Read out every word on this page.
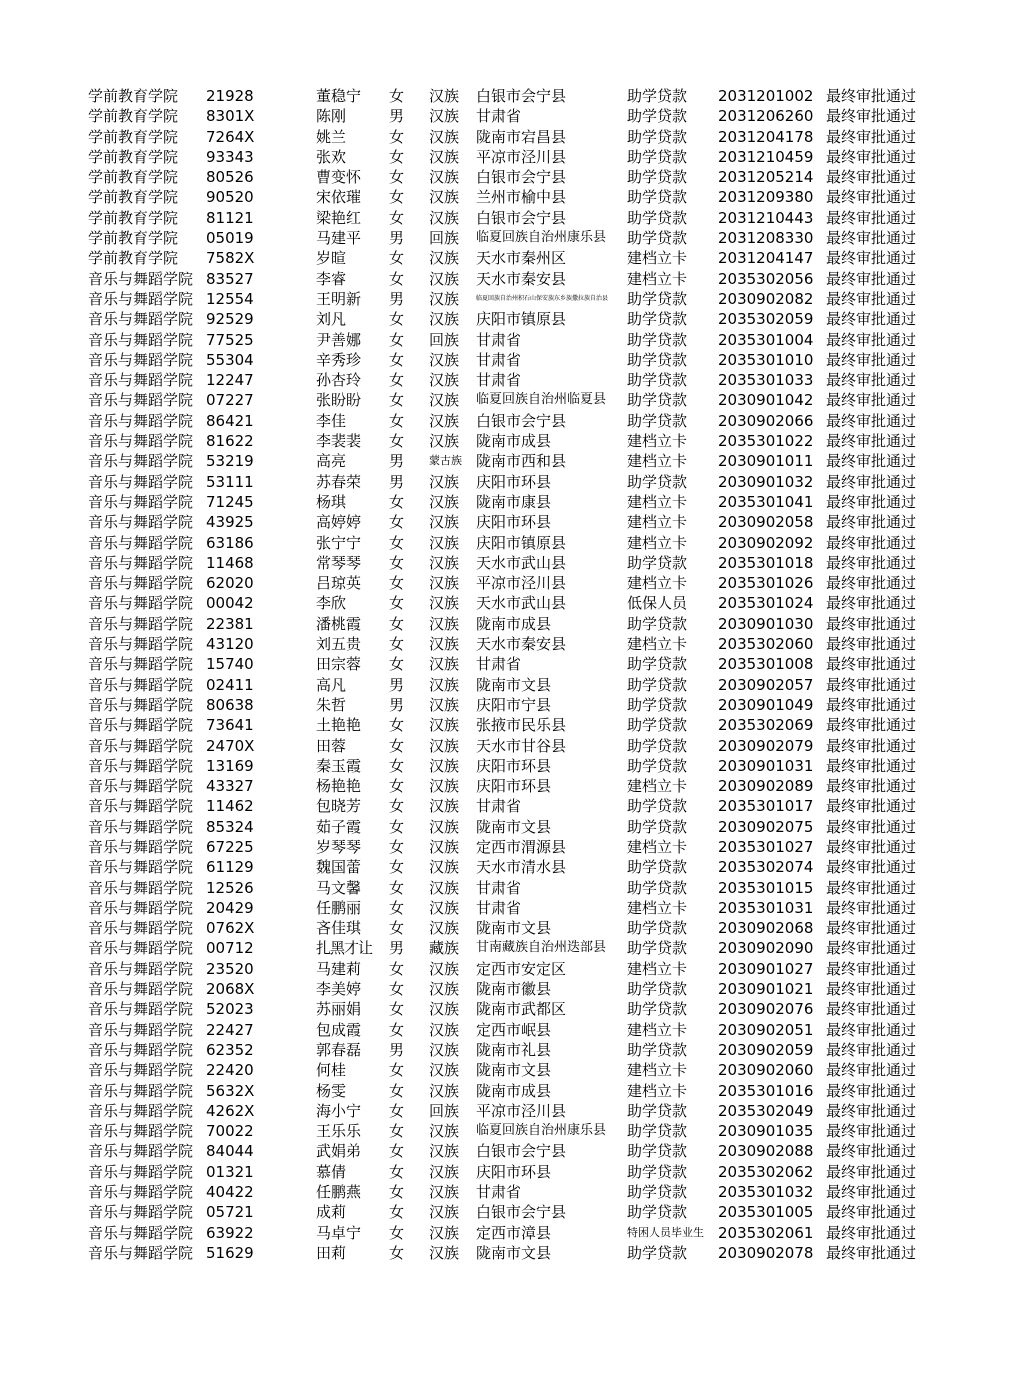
学前教育学院 21928	董稳宁 女 汉族 白银市会宁县	助学贷款 2031201002 最终审批通过
学前教育学院 8301X	陈刚	男 汉族 甘肃省	助学贷款 2031206260 最终审批通过
学前教育学院 7264X	姚兰	女 汉族 陇南市宕昌县	助学贷款 2031204178 最终审批通过
学前教育学院 93343	张欢	女 汉族 平凉市泾川县	助学贷款 2031210459 最终审批通过
学前教育学院 80526	曹变怀 女 汉族 白银市会宁县	助学贷款 2031205214 最终审批通过
学前教育学院 90520	宋依璀 女 汉族 兰州市榆中县	助学贷款 2031209380 最终审批通过
学前教育学院 81121	梁艳红 女 汉族 白银市会宁县	助学贷款 2031210443 最终审批通过
学前教育学院 05019	马建平 男 回族 临夏回族自治州康乐县 助学贷款 2031208330 最终审批通过
学前教育学院 7582X	岁暄	女 汉族 天水市秦州区	建档立卡 2031204147 最终审批通过
音乐与舞蹈学院 83527	李睿	女 汉族 天水市秦安县	建档立卡 2035302056 最终审批通过
音乐与舞蹈学院 12554	王明新 男 汉族	临夏回族自治州积石山保安族东乡族撒拉族自治县 助学贷款 2030902082 最终审批通过
音乐与舞蹈学院 92529	刘凡	女 汉族 庆阳市镇原县	助学贷款 2035302059 最终审批通过
音乐与舞蹈学院 77525	尹善娜 女 回族 甘肃省	助学贷款 2035301004 最终审批通过
音乐与舞蹈学院 55304	辛秀珍 女 汉族 甘肃省	助学贷款 2035301010 最终审批通过
音乐与舞蹈学院 12247	孙杏玲 女 汉族 甘肃省	助学贷款 2035301033 最终审批通过
音乐与舞蹈学院 07227	张盼盼 女 汉族 临夏回族自治州临夏县 助学贷款 2030901042 最终审批通过
音乐与舞蹈学院 86421	李佳	女 汉族 白银市会宁县	助学贷款 2030902066 最终审批通过
音乐与舞蹈学院 81622	李裴裴 女 汉族 陇南市成县	建档立卡 2035301022 最终审批通过
音乐与舞蹈学院 53219	高亮	男 蒙古族 陇南市西和县	建档立卡 2030901011 最终审批通过
音乐与舞蹈学院 53111	苏春荣 男 汉族 庆阳市环县	助学贷款 2030901032 最终审批通过
音乐与舞蹈学院 71245	杨琪	女 汉族 陇南市康县	建档立卡 2035301041 最终审批通过
音乐与舞蹈学院 43925	高婷婷 女 汉族 庆阳市环县	建档立卡 2030902058 最终审批通过
音乐与舞蹈学院 63186	张宁宁 女 汉族 庆阳市镇原县	建档立卡 2030902092 最终审批通过
音乐与舞蹈学院 11468	常琴琴 女 汉族 天水市武山县	助学贷款 2035301018 最终审批通过
音乐与舞蹈学院 62020	吕琼英 女 汉族 平凉市泾川县	建档立卡 2035301026 最终审批通过
音乐与舞蹈学院 00042	李欣	女 汉族 天水市武山县	低保人员 2035301024 最终审批通过
音乐与舞蹈学院 22381	潘桃霞 女 汉族 陇南市成县	助学贷款 2030901030 最终审批通过
音乐与舞蹈学院 43120	刘五贵 女 汉族 天水市秦安县	建档立卡 2035302060 最终审批通过
音乐与舞蹈学院 15740	田宗蓉 女 汉族 甘肃省	助学贷款 2035301008 最终审批通过
音乐与舞蹈学院 02411	高凡	男 汉族 陇南市文县	助学贷款 2030902057 最终审批通过
音乐与舞蹈学院 80638	朱哲	男 汉族 庆阳市宁县	助学贷款 2030901049 最终审批通过
音乐与舞蹈学院 73641	土艳艳 女 汉族 张掖市民乐县	助学贷款 2035302069 最终审批通过
音乐与舞蹈学院 2470X	田蓉	女 汉族 天水市甘谷县	助学贷款 2030902079 最终审批通过
音乐与舞蹈学院 13169	秦玉霞 女 汉族 庆阳市环县	助学贷款 2030901031 最终审批通过
音乐与舞蹈学院 43327	杨艳艳 女 汉族 庆阳市环县	建档立卡 2030902089 最终审批通过
音乐与舞蹈学院 11462	包晓芳 女 汉族 甘肃省	助学贷款 2035301017 最终审批通过
音乐与舞蹈学院 85324	茹子霞 女 汉族 陇南市文县	助学贷款 2030902075 最终审批通过
音乐与舞蹈学院 67225	岁琴琴 女 汉族 定西市渭源县	建档立卡 2035301027 最终审批通过
音乐与舞蹈学院 61129	魏国蕾 女 汉族 天水市清水县	助学贷款 2035302074 最终审批通过
音乐与舞蹈学院 12526	马文馨 女 汉族 甘肃省	助学贷款 2035301015 最终审批通过
音乐与舞蹈学院 20429	任鹏丽 女 汉族 甘肃省	建档立卡 2035301031 最终审批通过
音乐与舞蹈学院 0762X	吝佳琪 女 汉族 陇南市文县	助学贷款 2030902068 最终审批通过
音乐与舞蹈学院 00712	扎黑才让 男 藏族 甘南藏族自治州迭部县 助学贷款 2030902090 最终审批通过
音乐与舞蹈学院 23520	马建莉 女 汉族 定西市安定区	建档立卡 2030901027 最终审批通过
音乐与舞蹈学院 2068X	李美婷 女 汉族 陇南市徽县	助学贷款 2030901021 最终审批通过
音乐与舞蹈学院 52023	苏丽娟 女 汉族 陇南市武都区	助学贷款 2030902076 最终审批通过
音乐与舞蹈学院 22427	包成霞 女 汉族 定西市岷县	建档立卡 2030902051 最终审批通过
音乐与舞蹈学院 62352	郭春磊 男 汉族 陇南市礼县	助学贷款 2030902059 最终审批通过
音乐与舞蹈学院 22420	何桂	女 汉族 陇南市文县	建档立卡 2030902060 最终审批通过
音乐与舞蹈学院 5632X	杨雯	女 汉族 陇南市成县	建档立卡 2035301016 最终审批通过
音乐与舞蹈学院 4262X	海小宁 女 回族 平凉市泾川县	助学贷款 2035302049 最终审批通过
音乐与舞蹈学院 70022	王乐乐 女 汉族 临夏回族自治州康乐县 助学贷款 2030901035 最终审批通过
音乐与舞蹈学院 84044	武娟弟 女 汉族 白银市会宁县	助学贷款 2030902088 最终审批通过
音乐与舞蹈学院 01321	慕倩	女 汉族 庆阳市环县	助学贷款 2035302062 最终审批通过
音乐与舞蹈学院 40422	任鹏燕 女 汉族 甘肃省	助学贷款 2035301032 最终审批通过
音乐与舞蹈学院 05721	成莉	女 汉族 白银市会宁县	助学贷款 2035301005 最终审批通过
音乐与舞蹈学院 63922	马卓宁 女 汉族 定西市漳县	特困人员毕业生 2035302061 最终审批通过
音乐与舞蹈学院 51629	田莉	女 汉族 陇南市文县	助学贷款 2030902078 最终审批通过
